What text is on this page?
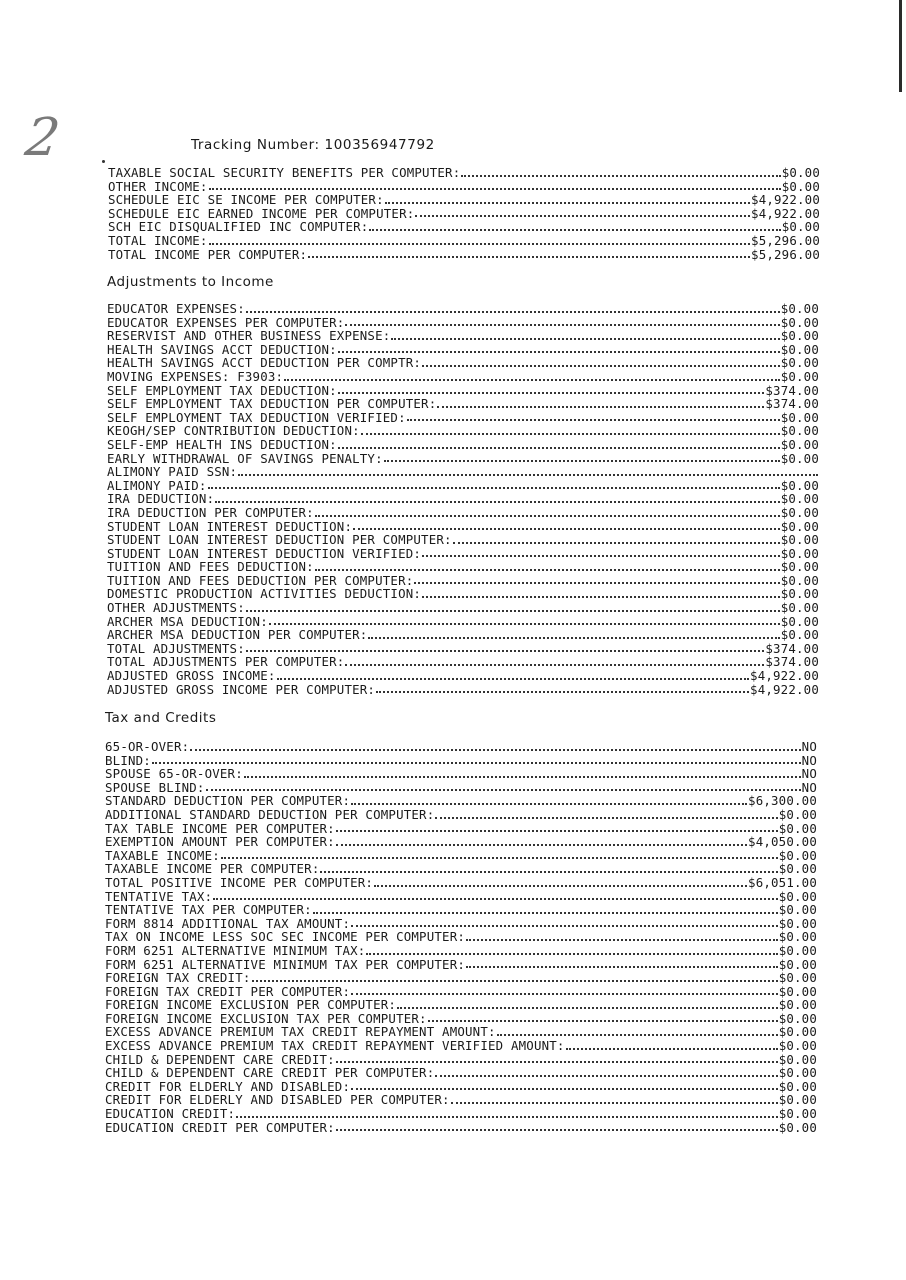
2	Tracking Number: 100356947792
TAXABLE SOCIAL SECURITY BENEFITS PER COMPUTER:	$0.00
OTHER INCOME:	$0.00
SCHEDULE EIC SE INCOME PER COMPUTER:	$4,922.00
SCHEDULE EIC EARNED INCOME PER COMPUTER:	$4,922.00
SCH EIC DISQUALIFIED INC COMPUTER:	$0.00
TOTAL INCOME:	$5,296.00
TOTAL INCOME PER COMPUTER:	$5,296.00
Adjustments to Income
EDUCATOR EXPENSES:	$0.00
EDUCATOR EXPENSES PER COMPUTER:	$0.00
RESERVIST AND OTHER BUSINESS EXPENSE:	$0.00
HEALTH SAVINGS ACCT DEDUCTION:	$0.00
HEALTH SAVINGS ACCT DEDUCTION PER COMPTR:	$0.00
MOVING EXPENSES: F3903:	$0.00
SELF EMPLOYMENT TAX DEDUCTION:	$374.00
SELF EMPLOYMENT TAX DEDUCTION PER COMPUTER:	$374.00
SELF EMPLOYMENT TAX DEDUCTION VERIFIED:	$0.00
KEOGH/SEP CONTRIBUTION DEDUCTION:	$0.00
SELF-EMP HEALTH INS DEDUCTION:	$0.00
EARLY WITHDRAWAL OF SAVINGS PENALTY:	$0.00
ALIMONY PAID SSN:
ALIMONY PAID:	$0.00
IRA DEDUCTION:	$0.00
IRA DEDUCTION PER COMPUTER:	$0.00
STUDENT LOAN INTEREST DEDUCTION:	$0.00
STUDENT LOAN INTEREST DEDUCTION PER COMPUTER:	$0.00
STUDENT LOAN INTEREST DEDUCTION VERIFIED:	$0.00
TUITION AND FEES DEDUCTION:	$0.00
TUITION AND FEES DEDUCTION PER COMPUTER:	$0.00
DOMESTIC PRODUCTION ACTIVITIES DEDUCTION:	$0.00
OTHER ADJUSTMENTS:	$0.00
ARCHER MSA DEDUCTION:	$0.00
ARCHER MSA DEDUCTION PER COMPUTER:	$0.00
TOTAL ADJUSTMENTS:	$374.00
TOTAL ADJUSTMENTS PER COMPUTER:	$374.00
ADJUSTED GROSS INCOME:	$4,922.00
ADJUSTED GROSS INCOME PER COMPUTER:	$4,922.00
Tax and Credits
65-OR-OVER:	NO
BLIND:	NO
SPOUSE 65-OR-OVER:	NO
SPOUSE BLIND:	NO
STANDARD DEDUCTION PER COMPUTER:	$6,300.00
ADDITIONAL STANDARD DEDUCTION PER COMPUTER:	$0.00
TAX TABLE INCOME PER COMPUTER:	$0.00
EXEMPTION AMOUNT PER COMPUTER:	$4,050.00
TAXABLE INCOME:	$0.00
TAXABLE INCOME PER COMPUTER:	$0.00
TOTAL POSITIVE INCOME PER COMPUTER:	$6,051.00
TENTATIVE TAX:	$0.00
TENTATIVE TAX PER COMPUTER:	$0.00
FORM 8814 ADDITIONAL TAX AMOUNT:	$0.00
TAX ON INCOME LESS SOC SEC INCOME PER COMPUTER:	$0.00
FORM 6251 ALTERNATIVE MINIMUM TAX:	$0.00
FORM 6251 ALTERNATIVE MINIMUM TAX PER COMPUTER:	$0.00
FOREIGN TAX CREDIT:	$0.00
FOREIGN TAX CREDIT PER COMPUTER:	$0.00
FOREIGN INCOME EXCLUSION PER COMPUTER:	$0.00
FOREIGN INCOME EXCLUSION TAX PER COMPUTER:	$0.00
EXCESS ADVANCE PREMIUM TAX CREDIT REPAYMENT AMOUNT:	$0.00
EXCESS ADVANCE PREMIUM TAX CREDIT REPAYMENT VERIFIED AMOUNT:	$0.00
CHILD & DEPENDENT CARE CREDIT:	$0.00
CHILD & DEPENDENT CARE CREDIT PER COMPUTER:	$0.00
CREDIT FOR ELDERLY AND DISABLED:	$0.00
CREDIT FOR ELDERLY AND DISABLED PER COMPUTER:	$0.00
EDUCATION CREDIT:	$0.00
EDUCATION CREDIT PER COMPUTER:	$0.00
